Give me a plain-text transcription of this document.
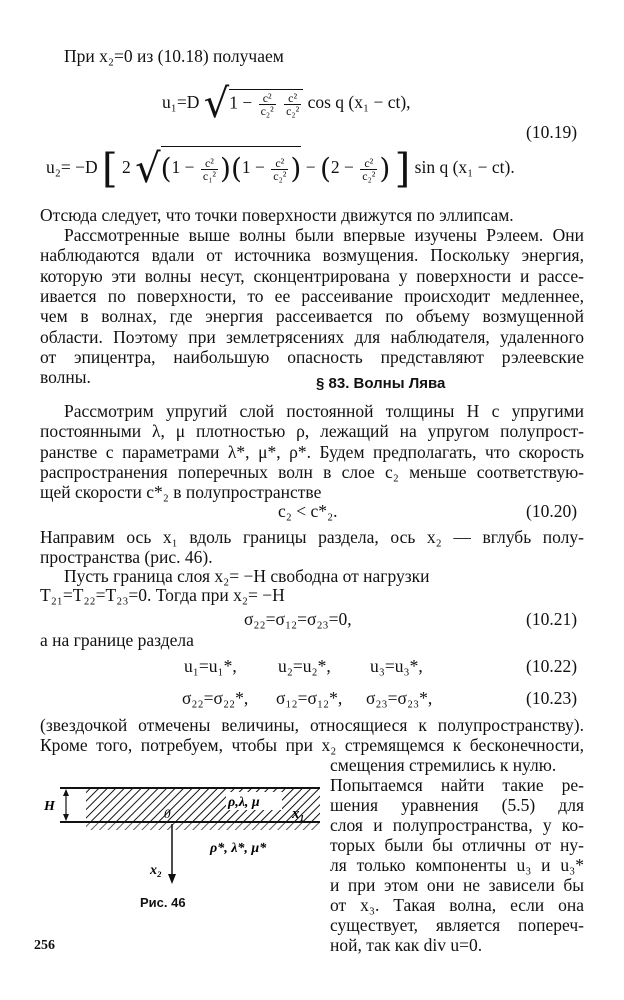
При x₂=0 из (10.18) получаем
u₁=D $√1 - \frac{\text{c²}}{\text{c₂²}}$
$\frac{\text{c²}}{\text{c₂²}}$ cos q (x₁ − ct),
(10.19)
u₂= −D [ 2 $√(1 - \frac{\text{c²}}{\text{c₁²}} )(1 - \frac{\text{c²}}{\text{c₂²}}$ ) − ($2 - \frac{\text{c²}}{\text{c₂²}}$ ) ] sin q (x₁ − ct).
Отсюда следует, что точки поверхности движутся по эллипсам.
Рассмотренные выше волны были впервые изучены Рэлеем. Они
наблюдаются вдали от источника возмущения. Поскольку энергия,
которую эти волны несут, сконцентрирована у поверхности и рассе-
ивается по поверхности, то ее рассеивание происходит медленнее,
чем в волнах, где энергия рассеивается по объему возмущенной
области. Поэтому при землетрясениях для наблюдателя, удаленного
от эпицентра, наибольшую опасность представляют рэлеевские
волны.	§ 83. Волны Лява
Рассмотрим упругий слой постоянной толщины H с упругими
постоянными λ, μ плотностью ρ, лежащий на упругом полупрост-
ранстве с параметрами λ*, μ*, ρ*. Будем предполагать, что скорость
распространения поперечных волн в слое c₂ меньше соответствую-
щей скорости c*₂ в полупространстве
c₂ < c*₂.	(10.20)
Направим ось x₁ вдоль границы раздела, ось x₂ — вглубь полу-
пространства (рис. 46).
Пусть граница слоя x₂= −H свободна от нагрузки
T₂₁=T₂₂=T₂₃=0. Тогда при x₂= −H
σ₂₂=σ₁₂=σ₂₃=0,	(10.21)
а на границе раздела
u₁=u₁*, u₂=u₂*, u₃=u₃*,	(10.22)
σ₂₂=σ₂₂*, σ₁₂=σ₁₂*, σ₂₃=σ₂₃*,	(10.23)
(звездочкой отмечены величины, относящиеся к полупространству).
Кроме того, потребуем, чтобы при x₂ стремящемся к бесконечности,
смещения стремились к нулю.
Попытаемся найти такие ре-
шения уравнения (5.5) для
слоя и полупространства, у ко-
торых были бы отличны от ну-
ля только компоненты u₃ и u₃*
и при этом они не зависели бы
от x₃. Такая волна, если она
существует, является попереч-
ной, так как div u=0.
H	0
ρ,λ, μ
x₁
ρ*, λ*, μ*
x₂
Рис. 46
256
